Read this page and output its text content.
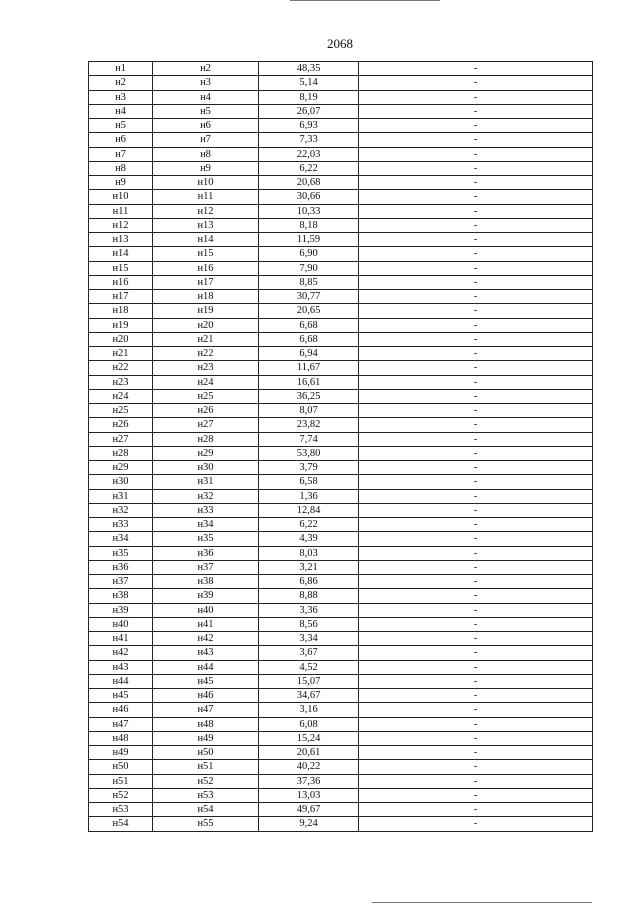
2068
н1	н2	48,35	-
н2	н3	5,14	-
н3	н4	8,19	-
н4	н5	26,07	-
н5	н6	6,93	-
н6	н7	7,33	-
н7	н8	22,03	-
н8	н9	6,22	-
н9	н10	20,68	-
н10	н11	30,66	-
н11	н12	10,33	-
н12	н13	8,18	-
н13	н14	11,59	-
н14	н15	6,90	-
н15	н16	7,90	-
н16	н17	8,85	-
н17	н18	30,77	-
н18	н19	20,65	-
н19	н20	6,68	-
н20	н21	6,68	-
н21	н22	6,94	-
н22	н23	11,67	-
н23	н24	16,61	-
н24	н25	36,25	-
н25	н26	8,07	-
н26	н27	23,82	-
н27	н28	7,74	-
н28	н29	53,80	-
н29	н30	3,79	-
н30	н31	6,58	-
н31	н32	1,36	-
н32	н33	12,84	-
н33	н34	6,22	-
н34	н35	4,39	-
н35	н36	8,03	-
н36	н37	3,21	-
н37	н38	6,86	-
н38	н39	8,88	-
н39	н40	3,36	-
н40	н41	8,56	-
н41	н42	3,34	-
н42	н43	3,67	-
н43	н44	4,52	-
н44	н45	15,07	-
н45	н46	34,67	-
н46	н47	3,16	-
н47	н48	6,08	-
н48	н49	15,24	-
н49	н50	20,61	-
н50	н51	40,22	-
н51	н52	37,36	-
н52	н53	13,03	-
н53	н54	49,67	-
н54	н55	9,24	-
